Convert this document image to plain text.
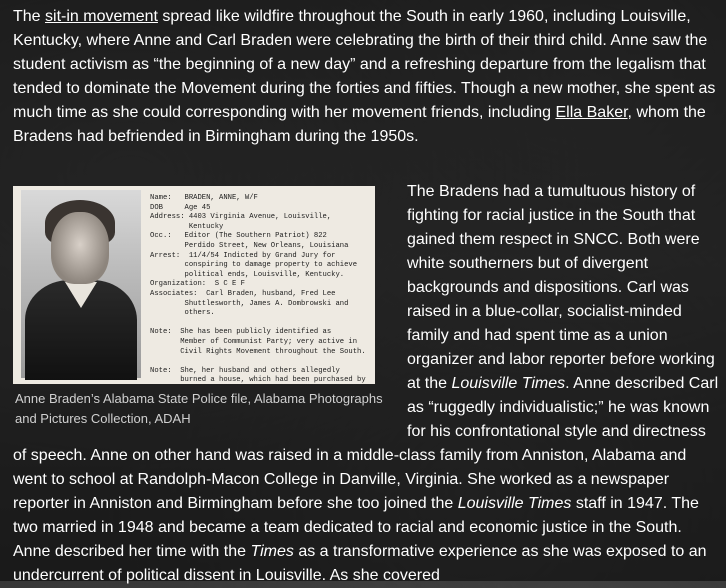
The sit-in movement spread like wildfire throughout the South in early 1960, including Louisville, Kentucky, where Anne and Carl Braden were celebrating the birth of their third child. Anne saw the student activism as “the beginning of a new day” and a refreshing departure from the legalism that tended to dominate the Movement during the forties and fifties. Though a new mother, she spent as much time as she could corresponding with her movement friends, including Ella Baker, whom the Bradens had befriended in Birmingham during the 1950s.

Name:   BRADEN, ANNE, W/F
DOB     Age 45
Address: 4403 Virginia Avenue, Louisville,
Kentucky
Occ.:   Editor (The Southern Patriot) 822
Perdido Street, New Orleans, Louisiana
Arrest:  11/4/54 Indicted by Grand Jury for
conspiring to damage property to achieve
political ends, Louisville, Kentucky.
Organization:  S C E F
Associates:  Carl Braden, husband, Fred Lee
Shuttlesworth, James A. Dombrowski and
others.

Note:  She has been publicly identified as
Member of Communist Party; very active in
Civil Rights Movement throughout the South.

Note:  She, her husband and others allegedly
burned a house, which had been purchased by

Anne Braden’s Alabama State Police file, Alabama Photographs and Pictures Collection, ADAH

The Bradens had a tumultuous history of fighting for racial justice in the South that gained them respect in SNCC. Both were white southerners but of divergent backgrounds and dispositions. Carl was raised in a blue-collar, socialist-minded family and had spent time as a union organizer and labor reporter before working at the Louisville Times. Anne described Carl as “ruggedly individualistic;” he was known for his confrontational style and directness of speech. Anne on other hand was raised in a middle-class family from Anniston, Alabama and went to school at Randolph-Macon College in Danville, Virginia. She worked as a newspaper reporter in Anniston and Birmingham before she too joined the Louisville Times staff in 1947. The two married in 1948 and became a team dedicated to racial and economic justice in the South. Anne described her time with the Times as a transformative experience as she was exposed to an undercurrent of political dissent in Louisville. As she covered
